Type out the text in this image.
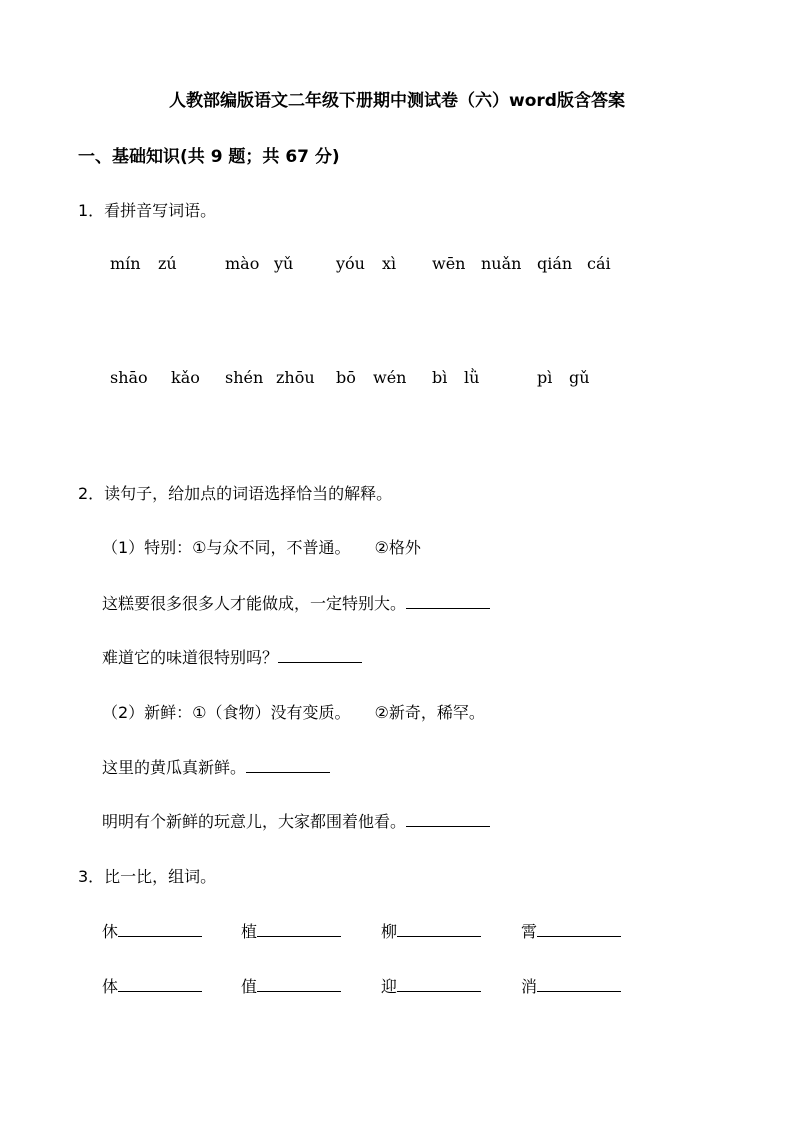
人教部编版语文二年级下册期中测试卷（六）word版含答案
一、基础知识(共 9 题；共 67 分)
1．看拼音写词语。
mín zú	mào yǔ	yóu xì wēn nuǎn qián cái
shāo kǎo shén zhōu bō wén bì lǜ	pì gǔ
2．读句子，给加点的词语选择恰当的解释。
（1）特别：①与众不同，不普通。　　②格外
这糕要很多很多人才能做成，一定特别大。
难道它的味道很特别吗？
（2）新鲜：①（食物）没有变质。　　②新奇，稀罕。
这里的黄瓜真新鲜。
明明有个新鲜的玩意儿，大家都围着他看。
3．比一比，组词。
休	植	柳	霄
体	值	迎	消
